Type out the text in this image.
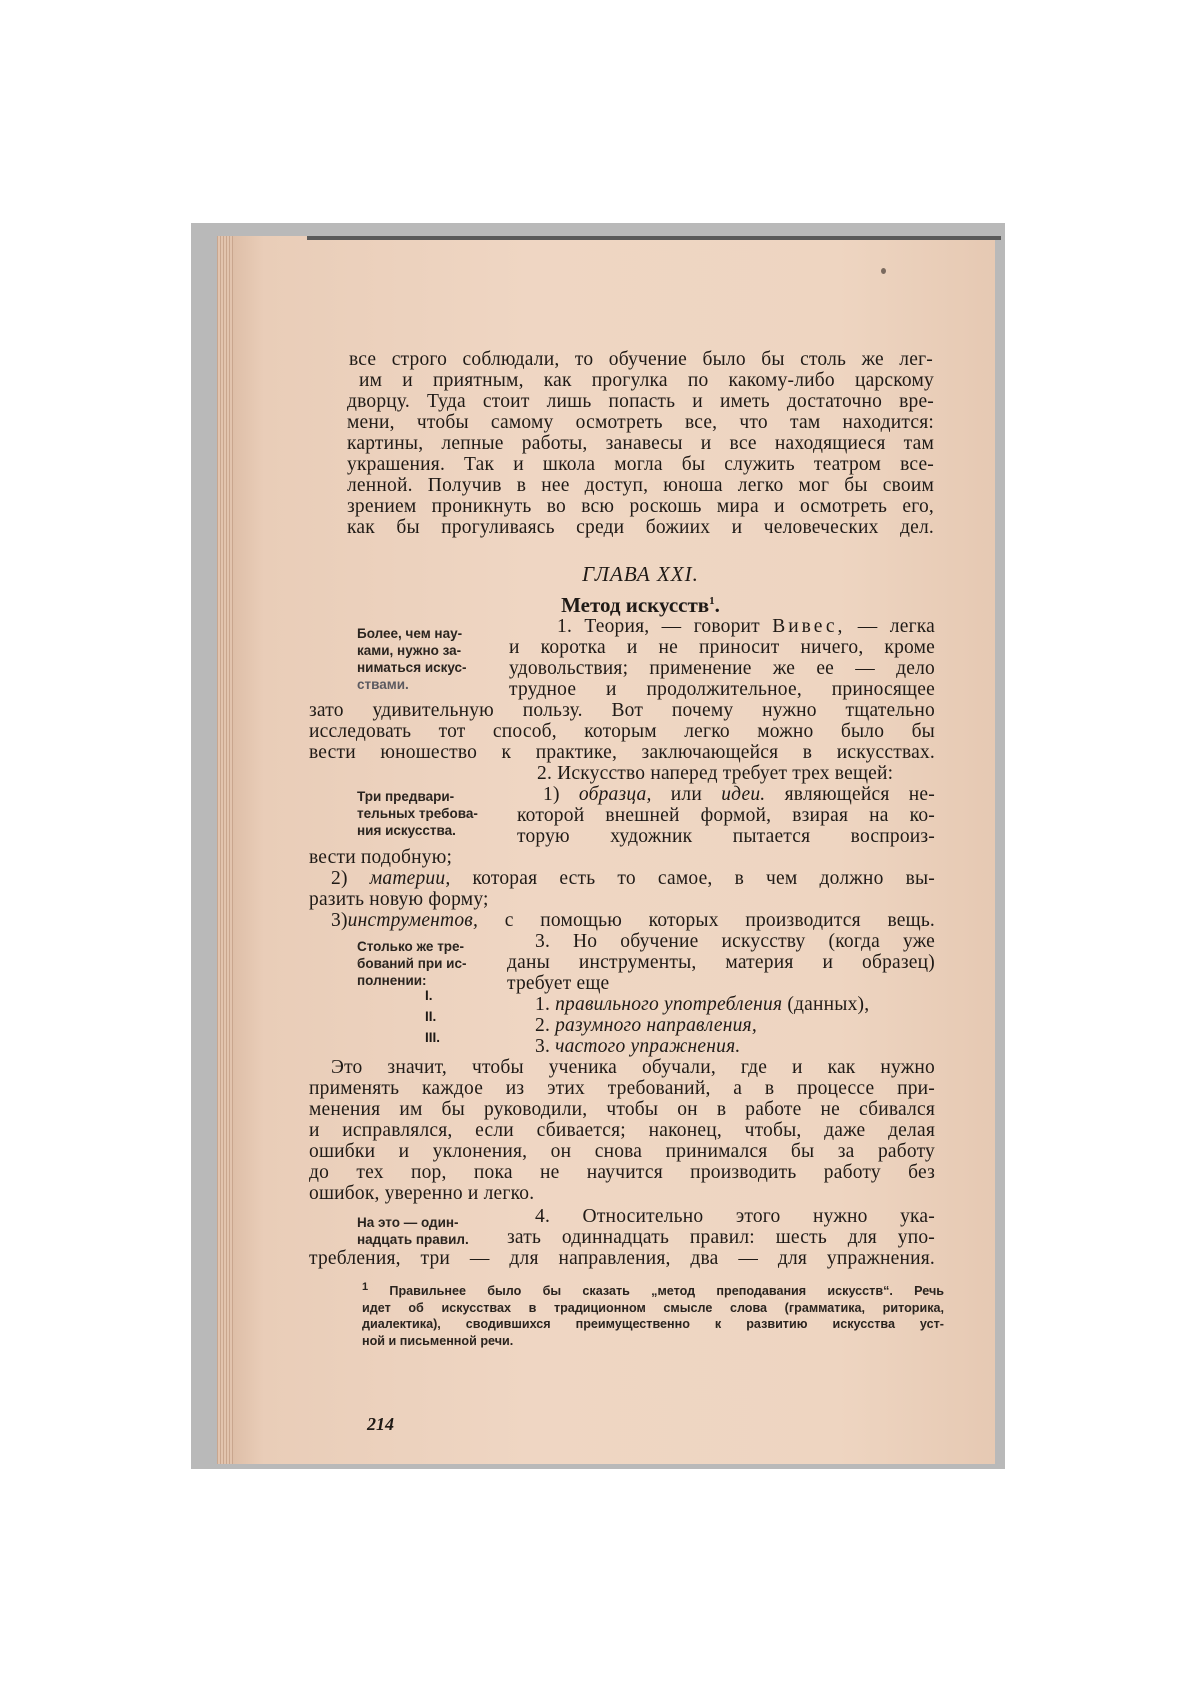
все строго соблюдали, то обучение было бы столь же лег-
им и приятным, как прогулка по какому-либо царскому
дворцу. Туда стоит лишь попасть и иметь достаточно вре-
мени, чтобы самому осмотреть все, что там находится:
картины, лепные работы, занавесы и все находящиеся там
украшения. Так и школа могла бы служить театром все-
ленной. Получив в нее доступ, юноша легко мог бы своим
зрением проникнуть во всю роскошь мира и осмотреть его,
как бы прогуливаясь среди божиих и человеческих дел.
ГЛАВА XXI.
Метод искусств$^1$.
Более, чем нау-
ками, нужно за-
ниматься искус-
ствами.
1. Теория, — говорит Вивес, — легка
и коротка и не приносит ничего, кроме
удовольствия; применение же ее — дело
трудное и продолжительное, приносящее
зато удивительную пользу. Вот почему нужно тщательно
исследовать тот способ, которым легко можно было бы
вести юношество к практике, заключающейся в искусствах.
2. Искусство наперед требует трех вещей:
Три предвари-
тельных требова-
ния искусства.
1) образца, или идеи. являющейся не-
которой внешней формой, взирая на ко-
торую художник пытается воспроиз-
вести подобную;
2) материи, которая есть то самое, в чем должно вы-
разить новую форму;
3)инструментов, с помощью которых производится вещь.
Столько же тре-
бований при ис-
полнении:
I.
II.
III.
3. Но обучение искусству (когда уже
даны инструменты, материя и образец)
требует еще
1. правильного употребления (данных),
2. разумного направления,
3. частого упражнения.
Это значит, чтобы ученика обучали, где и как нужно
применять каждое из этих требований, а в процессе при-
менения им бы руководили, чтобы он в работе не сбивался
и исправлялся, если сбивается; наконец, чтобы, даже делая
ошибки и уклонения, он снова принимался бы за работу
до тех пор, пока не научится производить работу без
ошибок, уверенно и легко.
На это — один-
надцать правил.
4. Относительно этого нужно ука-
зать одиннадцать правил: шесть для упо-
требления, три — для направления, два — для упражнения.
$^1$ Правильнее было бы сказать „метод преподавания искусств“. Речь
идет об искусствах в традиционном смысле слова (грамматика, риторика,
диалектика), сводившихся преимущественно к развитию искусства уст-
ной и письменной речи.
214
